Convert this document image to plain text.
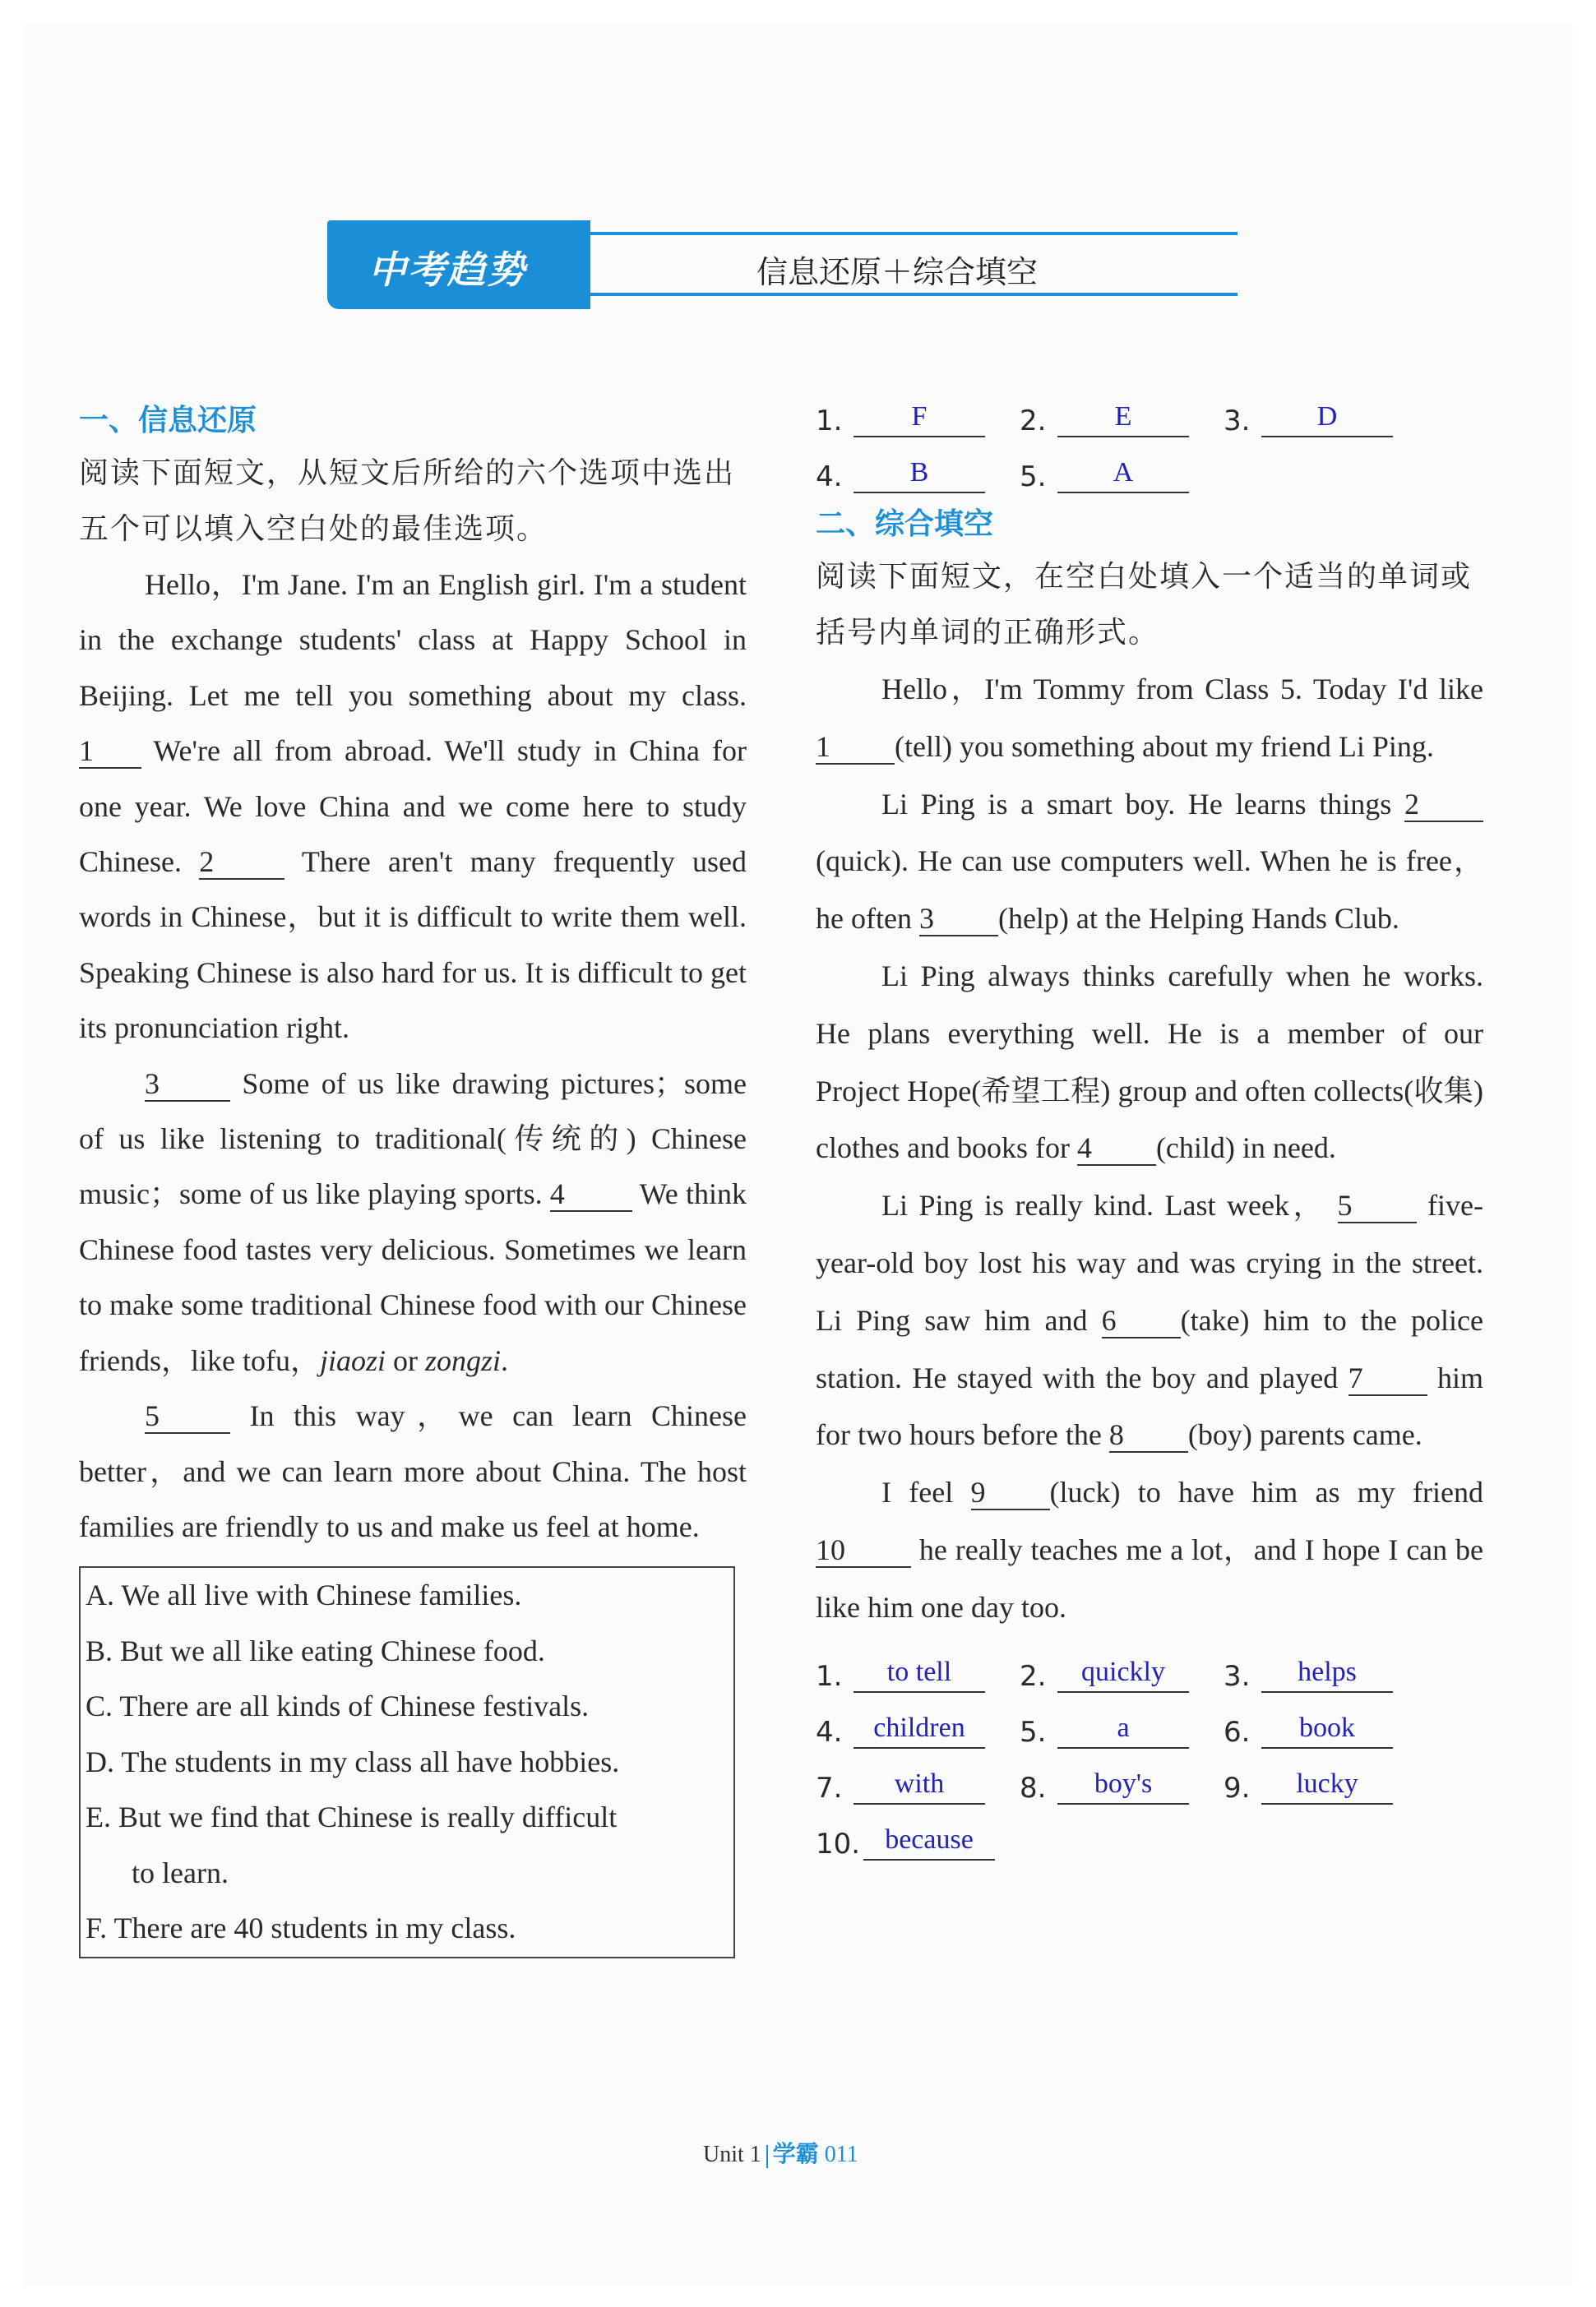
中考趋势	信息还原＋综合填空
一、信息还原
阅读下面短文，从短文后所给的六个选项中选出五个可以填入空白处的最佳选项。
Hello，I'm Jane. I'm an English girl. I'm a student in the exchange students' class at Happy School in Beijing. Let me tell you something about my class. 1 We're all from abroad. We'll study in China for one year. We love China and we come here to study Chinese. 2	There aren't many frequently used words in Chinese，but it is difficult to write them well. Speaking Chinese is also hard for us. It is difficult to get its pronunciation right.
3	Some of us like drawing pictures；some of us like listening to traditional(传统的) Chinese music；some of us like playing sports. 4	We think Chinese food tastes very delicious. Sometimes we learn to make some traditional Chinese food with our Chinese friends，like tofu，jiaozi or zongzi.
5	In this way，we can learn Chinese better，and we can learn more about China. The host families are friendly to us and make us feel at home.
A. We all live with Chinese families.
B. But we all like eating Chinese food.
C. There are all kinds of Chinese festivals.
D. The students in my class all have hobbies.
E. But we find that Chinese is really difficult
to learn.
F. There are 40 students in my class.
1.	F	2.	E	3.	D
4.	B	5.	A
二、综合填空
阅读下面短文，在空白处填入一个适当的单词或括号内单词的正确形式。
Hello，I'm Tommy from Class 5. Today I'd like 1 (tell) you something about my friend Li Ping.
Li Ping is a smart boy. He learns things 2(quick). He can use computers well. When he is free，he often 3 (help) at the Helping Hands Club.
Li Ping always thinks carefully when he works. He plans everything well. He is a member of our Project Hope(希望工程) group and often collects(收集) clothes and books for 4 (child) in need.
Li Ping is really kind. Last week， 5	five-year-old boy lost his way and was crying in the street. Li Ping saw him and 6 (take) him to the police station. He stayed with the boy and played 7	him for two hours before the 8 (boy) parents came.
I feel 9 (luck) to have him as my friend 10 he really teaches me a lot，and I hope I can be like him one day too.
1.	to tell	2.	quickly	3.	helps
4.	children	5.	a	6.	book
7.	with	8.	boy's	9.	lucky
10. because
Unit 1 学霸 011
